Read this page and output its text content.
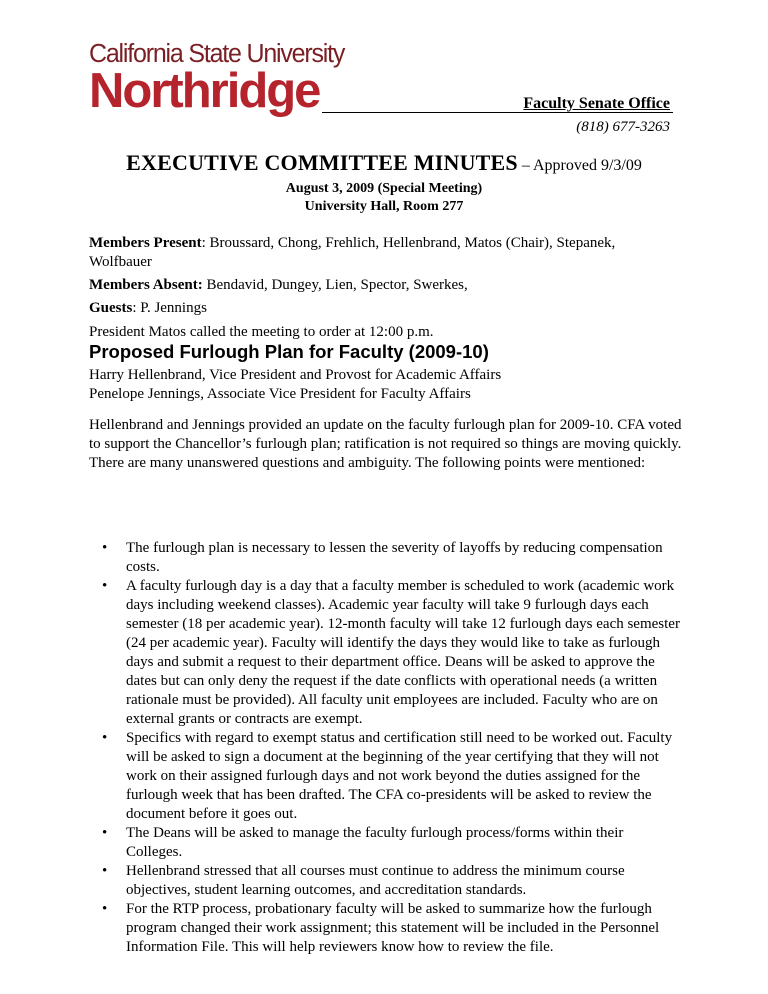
California State University
Northridge	Faculty Senate Office
(818) 677-3263
EXECUTIVE COMMITTEE MINUTES – Approved 9/3/09
August 3, 2009 (Special Meeting)
University Hall, Room 277
Members Present: Broussard, Chong, Frehlich, Hellenbrand, Matos (Chair), Stepanek, Wolfbauer
Members Absent: Bendavid, Dungey, Lien, Spector, Swerkes,
Guests: P. Jennings
President Matos called the meeting to order at 12:00 p.m.
Proposed Furlough Plan for Faculty (2009-10)
Harry Hellenbrand, Vice President and Provost for Academic Affairs
Penelope Jennings, Associate Vice President for Faculty Affairs
Hellenbrand and Jennings provided an update on the faculty furlough plan for 2009-10. CFA voted to support the Chancellor’s furlough plan; ratification is not required so things are moving quickly. There are many unanswered questions and ambiguity. The following points were mentioned:
• The furlough plan is necessary to lessen the severity of layoffs by reducing compensation costs.
• A faculty furlough day is a day that a faculty member is scheduled to work (academic work days including weekend classes). Academic year faculty will take 9 furlough days each semester (18 per academic year). 12-month faculty will take 12 furlough days each semester (24 per academic year). Faculty will identify the days they would like to take as furlough days and submit a request to their department office. Deans will be asked to approve the dates but can only deny the request if the date conflicts with operational needs (a written rationale must be provided). All faculty unit employees are included. Faculty who are on external grants or contracts are exempt.
• Specifics with regard to exempt status and certification still need to be worked out. Faculty will be asked to sign a document at the beginning of the year certifying that they will not work on their assigned furlough days and not work beyond the duties assigned for the furlough week that has been drafted. The CFA co-presidents will be asked to review the document before it goes out.
• The Deans will be asked to manage the faculty furlough process/forms within their Colleges.
• Hellenbrand stressed that all courses must continue to address the minimum course objectives, student learning outcomes, and accreditation standards.
• For the RTP process, probationary faculty will be asked to summarize how the furlough program changed their work assignment; this statement will be included in the Personnel Information File. This will help reviewers know how to review the file.
